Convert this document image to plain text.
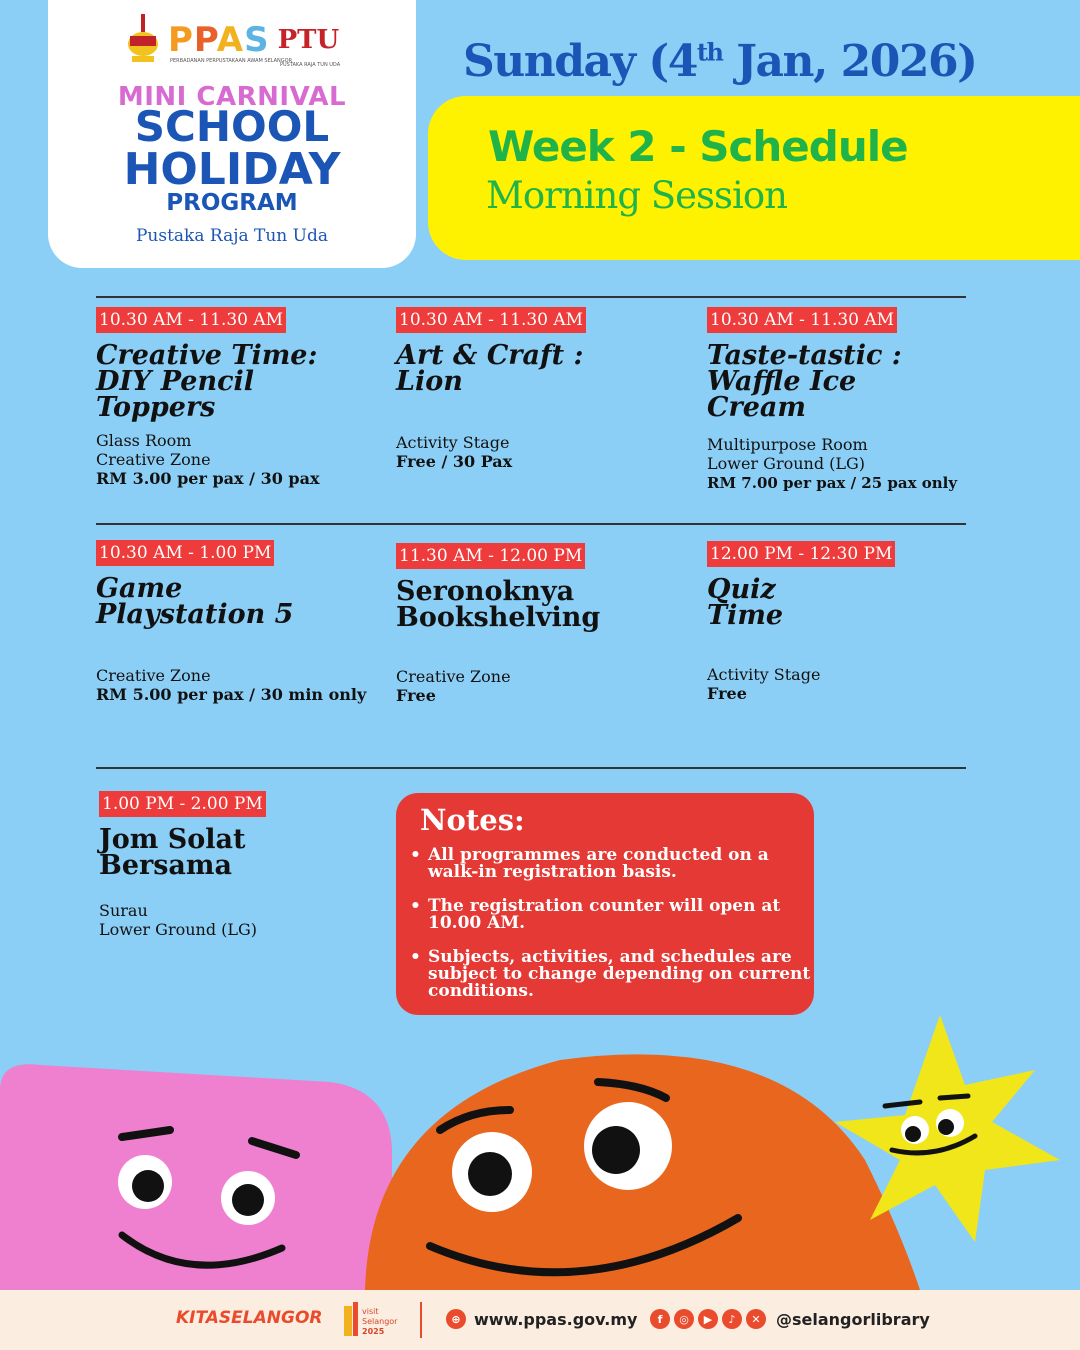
PPAS PTU
PERBADANAN PERPUSTAKAAN AWAM SELANGOR
PUSTAKA RAJA TUN UDA
MINI CARNIVAL
SCHOOL
HOLIDAY
PROGRAM
Pustaka Raja Tun Uda
Sunday (4th Jan, 2026)
Week 2 - Schedule
Morning Session
10.30 AM - 11.30 AM
Creative Time:
DIY Pencil
Toppers
Glass Room
Creative Zone
RM 3.00 per pax / 30 pax
10.30 AM - 11.30 AM
Art & Craft :
Lion
Activity Stage
Free / 30 Pax
10.30 AM - 11.30 AM
Taste-tastic :
Waffle Ice
Cream
Multipurpose Room
Lower Ground (LG)
RM 7.00 per pax / 25 pax only
10.30 AM - 1.00 PM
Game
Playstation 5
Creative Zone
RM 5.00 per pax / 30 min only
11.30 AM - 12.00 PM
Seronoknya
Bookshelving
Creative Zone
Free
12.00 PM - 12.30 PM
Quiz
Time
Activity Stage
Free
1.00 PM - 2.00 PM
Jom Solat
Bersama
Surau
Lower Ground (LG)
Notes:
• All programmes are conducted on a walk-in registration basis.
• The registration counter will open at 10.00 AM.
• Subjects, activities, and schedules are subject to change depending on current conditions.
KITASELANGOR	visit
Selangor
2025
⊕ www.ppas.gov.my	f	◎	▶	♪	✕ @selangorlibrary
